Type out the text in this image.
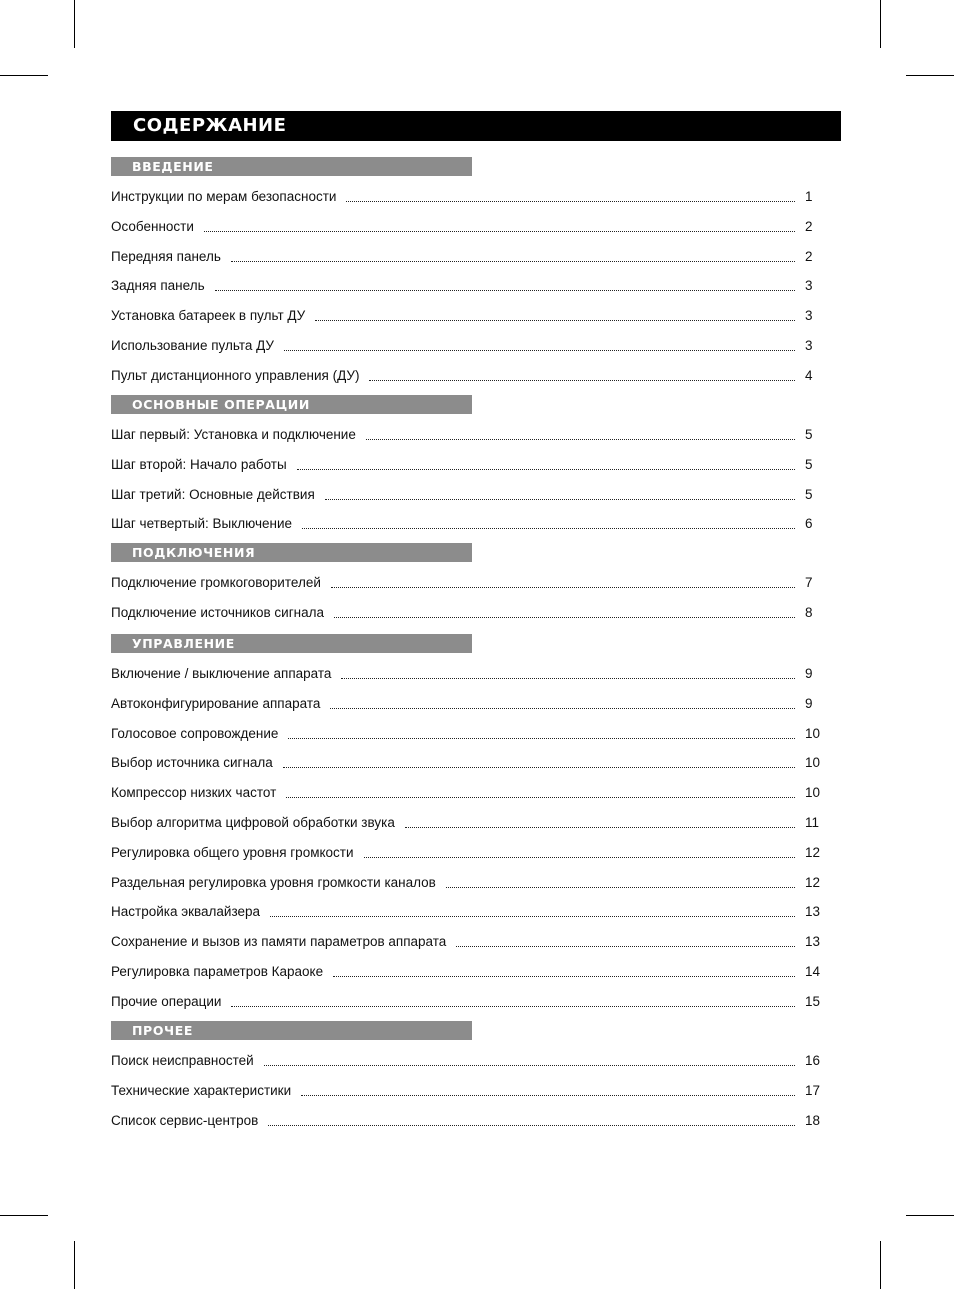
СОДЕРЖАНИЕ
ВВЕДЕНИЕ
Инструкции по мерам безопасности	1
Особенности	2
Передняя панель	2
Задняя панель	3
Установка батареек в пульт ДУ	3
Использование пульта ДУ	3
Пульт дистанционного управления (ДУ)	4
ОСНОВНЫЕ ОПЕРАЦИИ
Шаг первый: Установка и подключение	5
Шаг второй: Начало работы	5
Шаг третий: Основные действия	5
Шаг четвертый: Выключение	6
ПОДКЛЮЧЕНИЯ
Подключение громкоговорителей	7
Подключение источников сигнала	8
УПРАВЛЕНИЕ
Включение / выключение аппарата	9
Автоконфигурирование аппарата	9
Голосовое сопровождение	10
Выбор источника сигнала	10
Компрессор низких частот	10
Выбор алгоритма цифровой обработки звука	11
Регулировка общего уровня громкости	12
Раздельная регулировка уровня громкости каналов	12
Настройка эквалайзера	13
Сохранение и вызов из памяти параметров аппарата	13
Регулировка параметров Караоке	14
Прочие операции	15
ПРОЧЕЕ
Поиск неисправностей	16
Технические характеристики	17
Список сервис-центров	18
